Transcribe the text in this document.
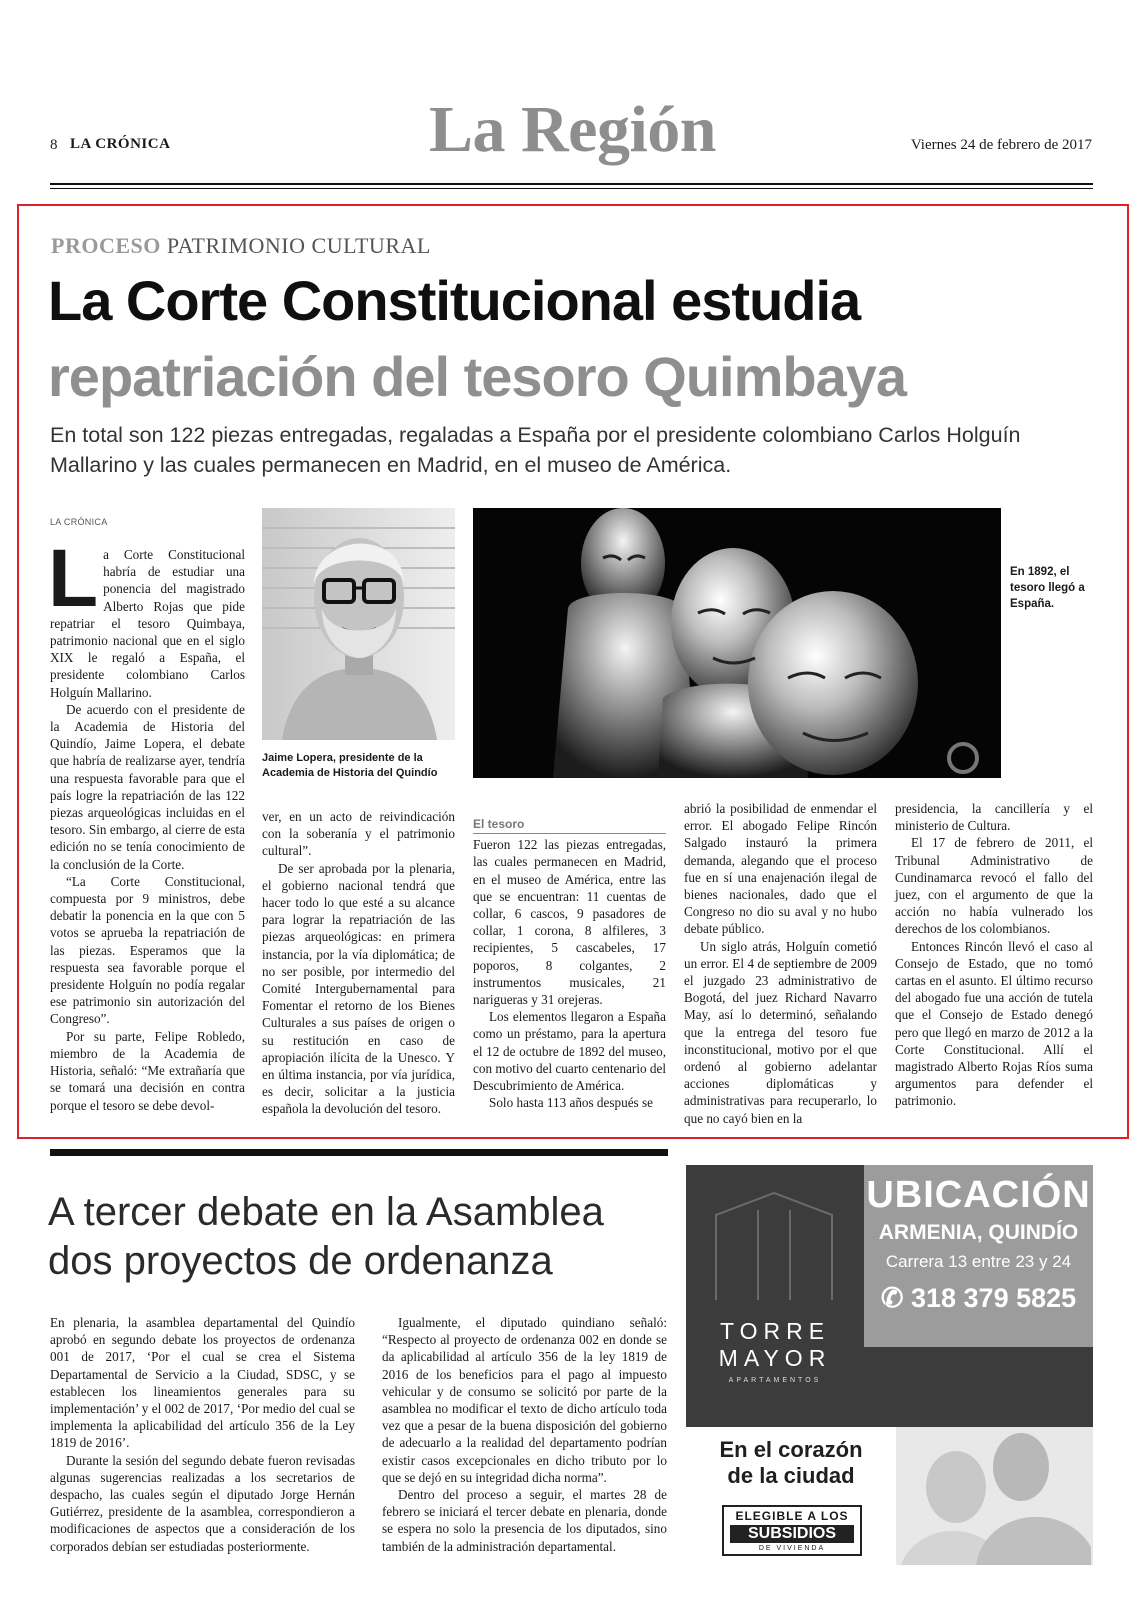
8 LA CRÓNICA	La Región	Viernes 24 de febrero de 2017
PROCESO PATRIMONIO CULTURAL
La Corte Constitucional estudia
repatriación del tesoro Quimbaya
En total son 122 piezas entregadas, regaladas a España por el presidente colombiano Carlos Holguín Mallarino y las cuales permanecen en Madrid, en el museo de América.
LA CRÓNICA
L a Corte Constitucional habría de estudiar una ponencia del magistrado Alberto Rojas que pide repatriar el tesoro Quimbaya, patrimonio nacional que en el siglo XIX le regaló a España, el presidente colombiano Carlos Holguín Mallarino.

De acuerdo con el presidente de la Academia de Historia del Quindío, Jaime Lopera, el debate que habría de realizarse ayer, tendría una respuesta favorable para que el país logre la repatriación de las 122 piezas arqueológicas incluidas en el tesoro. Sin embargo, al cierre de esta edición no se tenía conocimiento de la conclusión de la Corte.

“La Corte Constitucional, compuesta por 9 ministros, debe debatir la ponencia en la que con 5 votos se aprueba la repatriación de las piezas. Esperamos que la respuesta sea favorable porque el presidente Holguín no podía regalar ese patrimonio sin autorización del Congreso”.

Por su parte, Felipe Robledo, miembro de la Academia de Historia, señaló: “Me extrañaría que se tomará una decisión en contra porque el tesoro se debe devol-

Jaime Lopera, presidente de la Academia de Historia del Quindío
En 1892, el tesoro llegó a España.

ver, en un acto de reivindicación con la soberanía y el patrimonio cultural”.

De ser aprobada por la plenaria, el gobierno nacional tendrá que hacer todo lo que esté a su alcance para lograr la repatriación de las piezas arqueológicas: en primera instancia, por la vía diplomática; de no ser posible, por intermedio del Comité Intergubernamental para Fomentar el retorno de los Bienes Culturales a sus países de origen o su restitución en caso de apropiación ilícita de la Unesco. Y en última instancia, por vía jurídica, es decir, solicitar a la justicia española la devolución del tesoro.

El tesoro

Fueron 122 las piezas entregadas, las cuales permanecen en Madrid, en el museo de América, entre las que se encuentran: 11 cuentas de collar, 6 cascos, 9 pasadores de collar, 1 corona, 8 alfileres, 3 recipientes, 5 cascabeles, 17 poporos, 8 colgantes, 2 instrumentos musicales, 21 narigueras y 31 orejeras.

Los elementos llegaron a España como un préstamo, para la apertura el 12 de octubre de 1892 del museo, con motivo del cuarto centenario del Descubrimiento de América.

Solo hasta 113 años después se

abrió la posibilidad de enmendar el error. El abogado Felipe Rincón Salgado instauró la primera demanda, alegando que el proceso fue en sí una enajenación ilegal de bienes nacionales, dado que el Congreso no dio su aval y no hubo debate público.

Un siglo atrás, Holguín cometió un error. El 4 de septiembre de 2009 el juzgado 23 administrativo de Bogotá, del juez Richard Navarro May, así lo determinó, señalando que la entrega del tesoro fue inconstitucional, motivo por el que ordenó al gobierno adelantar acciones diplomáticas y administrativas para recuperarlo, lo que no cayó bien en la

presidencia, la cancillería y el ministerio de Cultura.

El 17 de febrero de 2011, el Tribunal Administrativo de Cundinamarca revocó el fallo del juez, con el argumento de que la acción no había vulnerado los derechos de los colombianos.

Entonces Rincón llevó el caso al Consejo de Estado, que no tomó cartas en el asunto. El último recurso del abogado fue una acción de tutela que el Consejo de Estado denegó pero que llegó en marzo de 2012 a la Corte Constitucional. Allí el magistrado Alberto Rojas Ríos suma argumentos para defender el patrimonio.

A tercer debate en la Asamblea dos proyectos de ordenanza

En plenaria, la asamblea departamental del Quindío aprobó en segundo debate los proyectos de ordenanza 001 de 2017, ‘Por el cual se crea el Sistema Departamental de Servicio a la Ciudad, SDSC, y se establecen los lineamientos generales para su implementación’ y el 002 de 2017, ‘Por medio del cual se implementa la aplicabilidad del artículo 356 de la Ley 1819 de 2016’.

Durante la sesión del segundo debate fueron revisadas algunas sugerencias realizadas a los secretarios de despacho, las cuales según el diputado Jorge Hernán Gutiérrez, presidente de la asamblea, correspondieron a modificaciones de aspectos que a consideración de los corporados debían ser estudiadas posteriormente.

Igualmente, el diputado quindiano señaló: “Respecto al proyecto de ordenanza 002 en donde se da aplicabilidad al artículo 356 de la ley 1819 de 2016 de los beneficios para el pago al impuesto vehicular y de consumo se solicitó por parte de la asamblea no modificar el texto de dicho artículo toda vez que a pesar de la buena disposición del gobierno de adecuarlo a la realidad del departamento podrían existir casos excepcionales en dicho tributo por lo que se dejó en su integridad dicha norma”.

Dentro del proceso a seguir, el martes 28 de febrero se iniciará el tercer debate en plenaria, donde se espera no solo la presencia de los diputados, sino también de la administración departamental.

UBICACIÓN
ARMENIA, QUINDÍO
Carrera 13 entre 23 y 24
✆ 318 379 5825
TORRE
MAYOR
APARTAMENTOS
En el corazón
de la ciudad
ELEGIBLE A LOS
SUBSIDIOS
DE VIVIENDA
